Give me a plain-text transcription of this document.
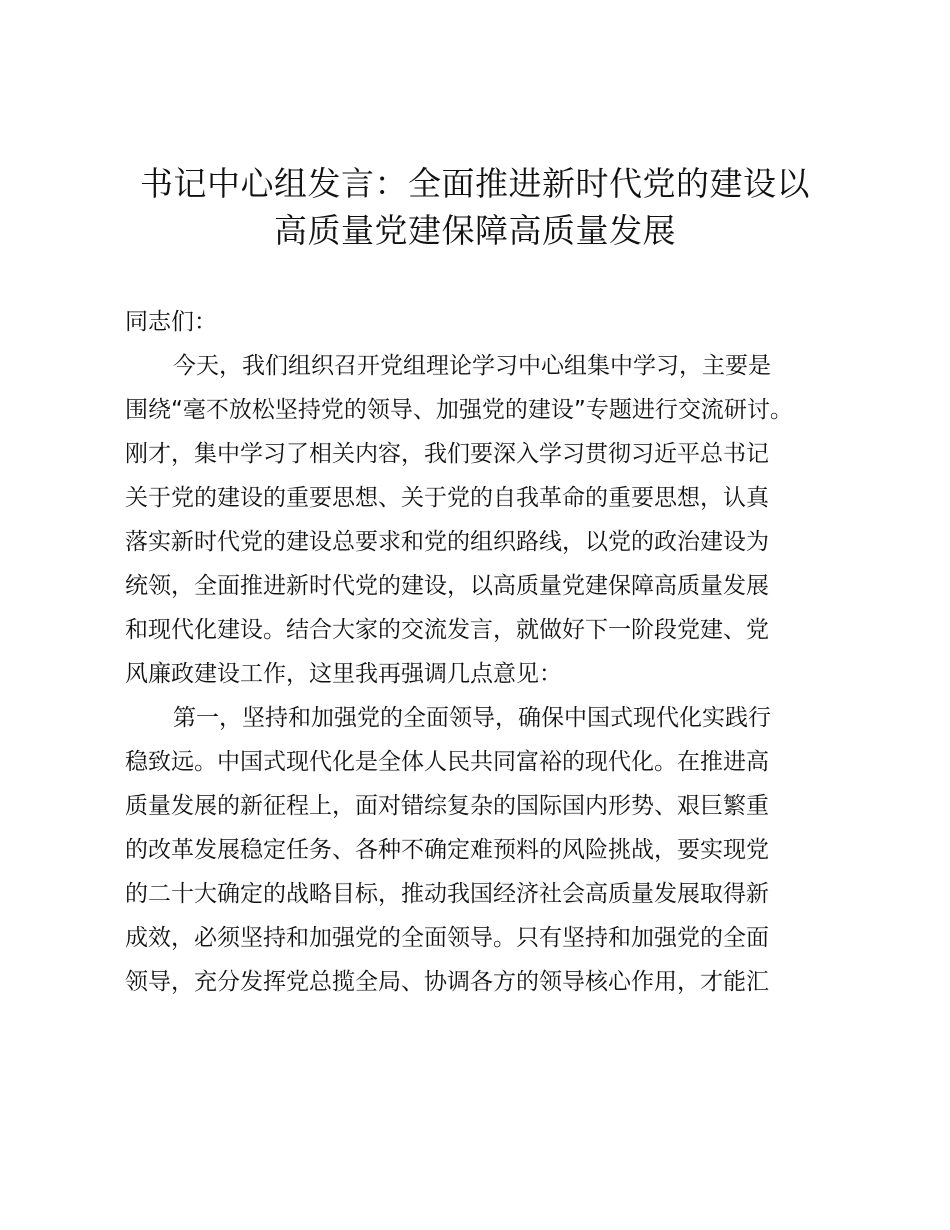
书记中心组发言：全面推进新时代党的建设以
高质量党建保障高质量发展
同志们：
今天，我们组织召开党组理论学习中心组集中学习，主要是
围绕“毫不放松坚持党的领导、加强党的建设”专题进行交流研讨。
刚才，集中学习了相关内容，我们要深入学习贯彻习近平总书记
关于党的建设的重要思想、关于党的自我革命的重要思想，认真
落实新时代党的建设总要求和党的组织路线，以党的政治建设为
统领，全面推进新时代党的建设，以高质量党建保障高质量发展
和现代化建设。结合大家的交流发言，就做好下一阶段党建、党
风廉政建设工作，这里我再强调几点意见：
第一，坚持和加强党的全面领导，确保中国式现代化实践行
稳致远。中国式现代化是全体人民共同富裕的现代化。在推进高
质量发展的新征程上，面对错综复杂的国际国内形势、艰巨繁重
的改革发展稳定任务、各种不确定难预料的风险挑战，要实现党
的二十大确定的战略目标，推动我国经济社会高质量发展取得新
成效，必须坚持和加强党的全面领导。只有坚持和加强党的全面
领导，充分发挥党总揽全局、协调各方的领导核心作用，才能汇
